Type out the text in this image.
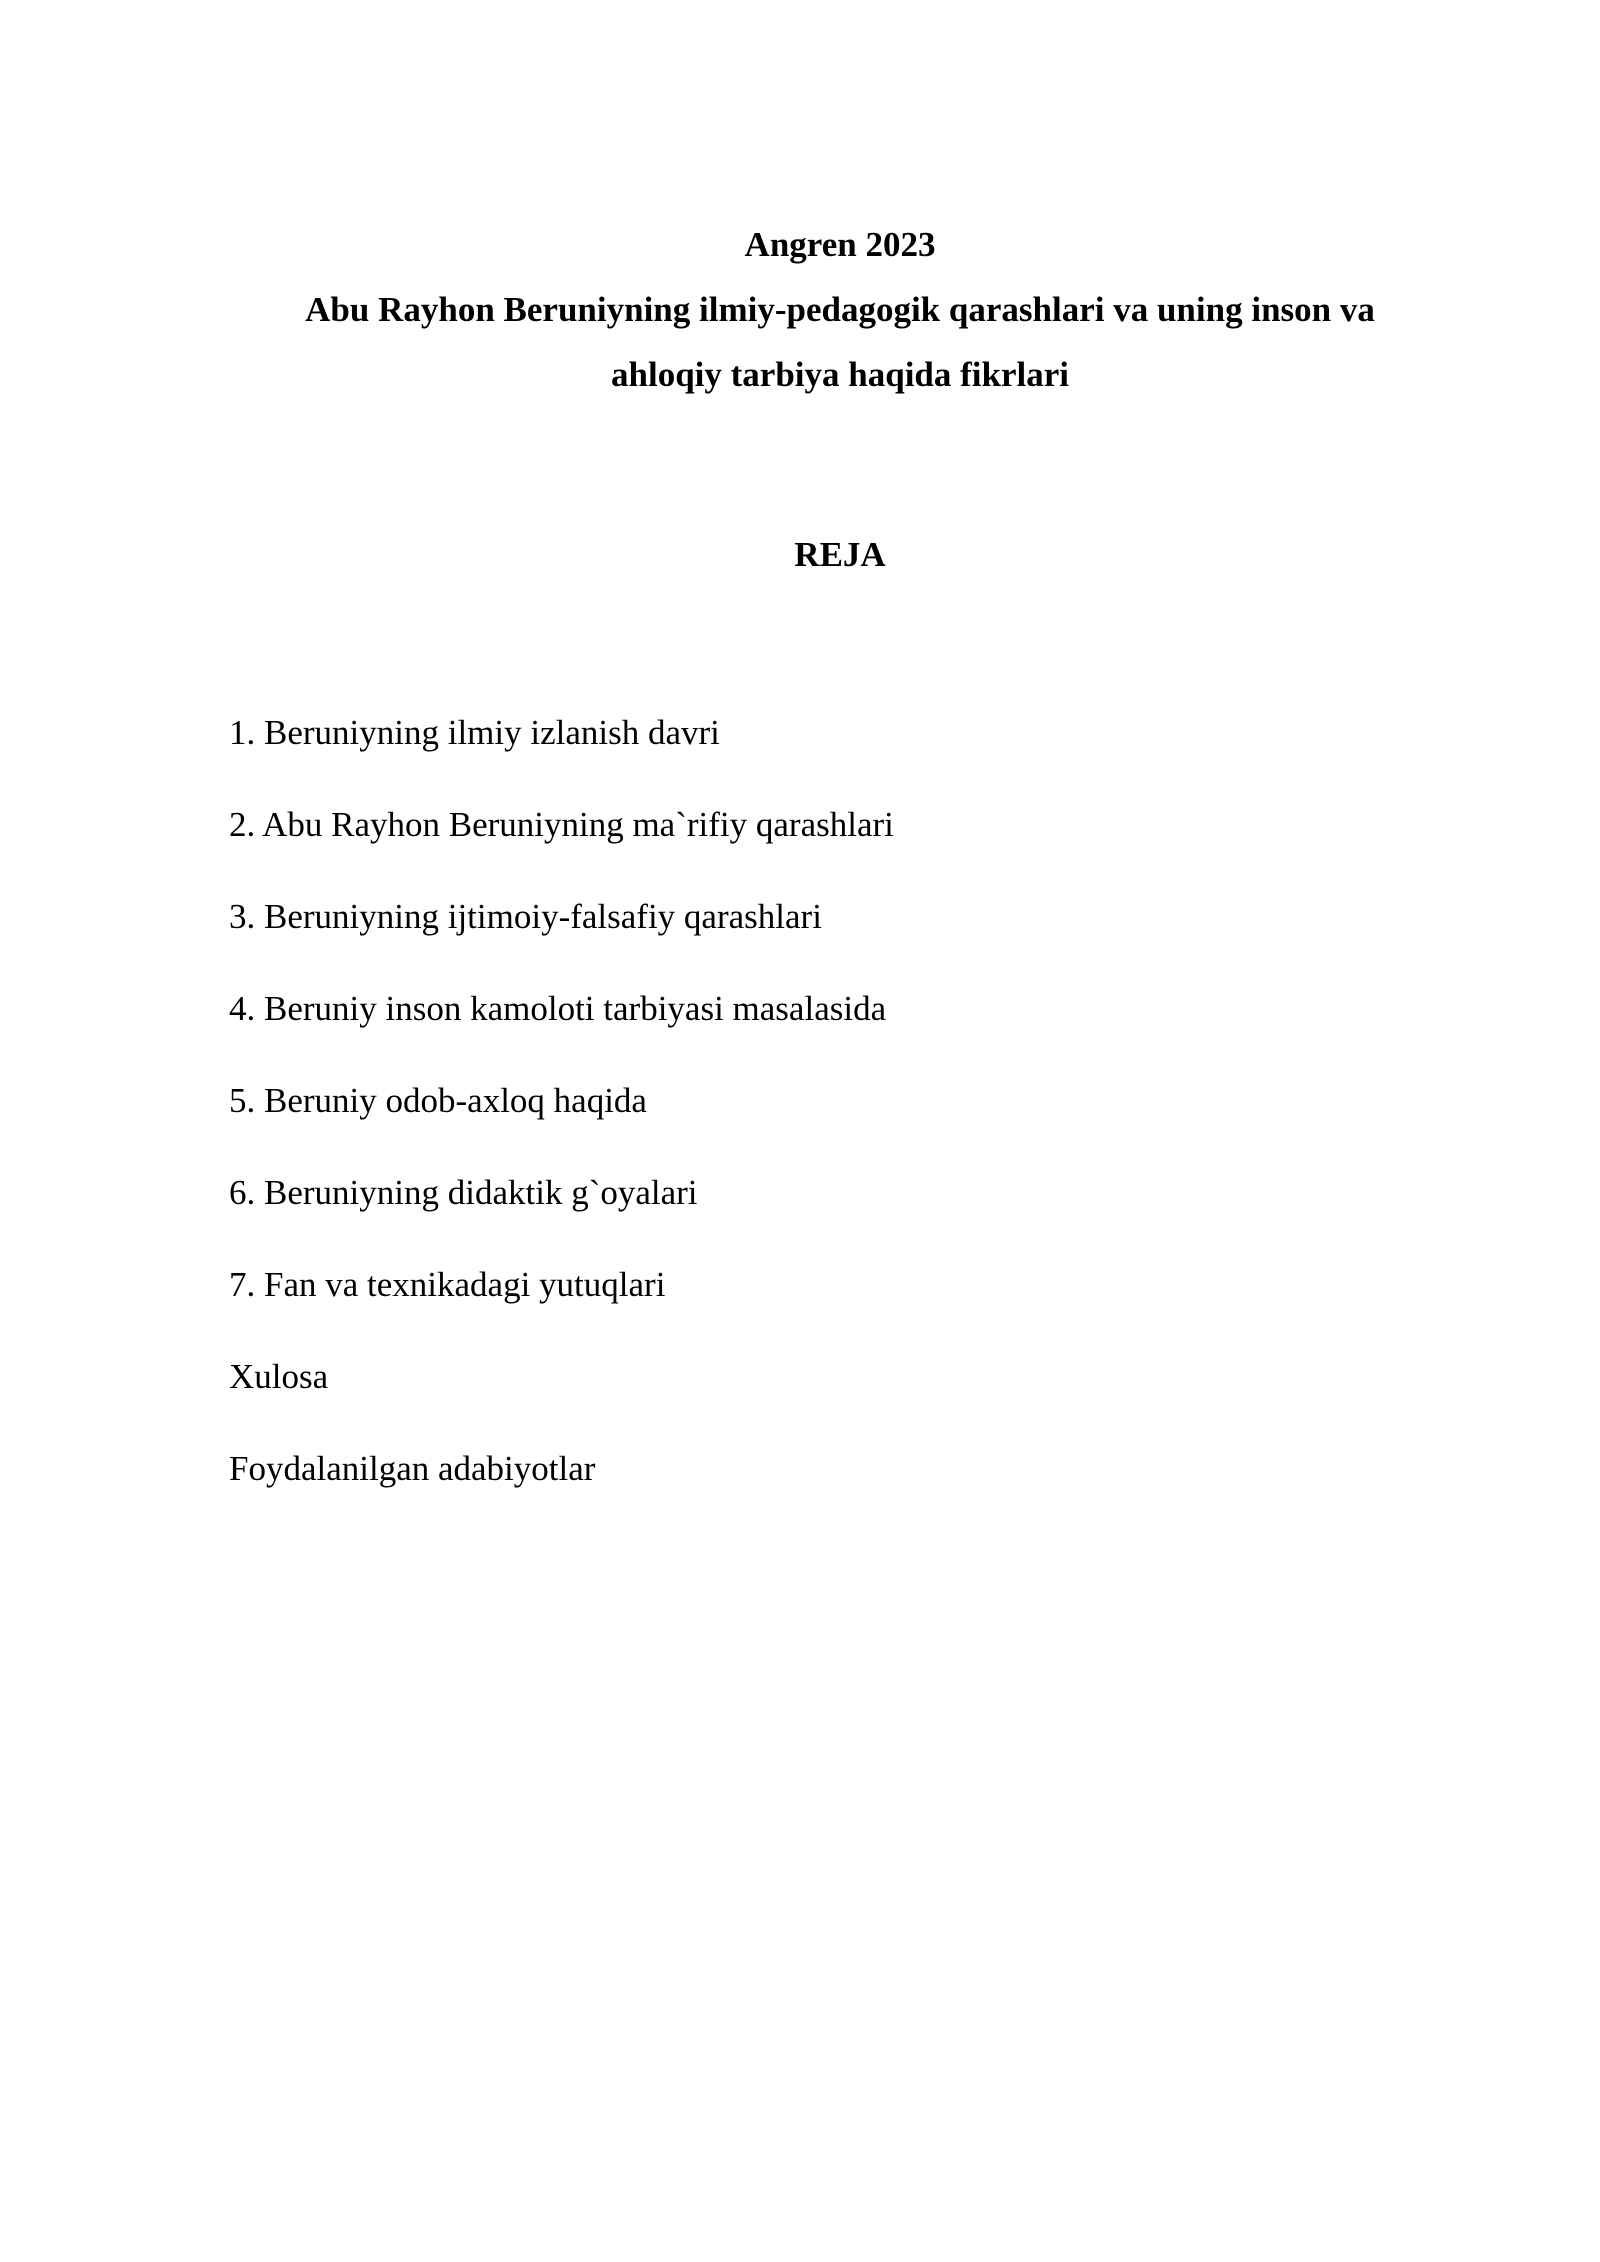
Angren 2023

Abu Rayhon Beruniyning ilmiy-pedagogik qarashlari va uning inson va

ahloqiy tarbiya haqida fikrlari

REJA

1. Beruniyning ilmiy izlanish davri
2. Abu Rayhon Beruniyning ma`rifiy qarashlari
3. Beruniyning ijtimoiy-falsafiy qarashlari
4. Beruniy inson kamoloti tarbiyasi masalasida
5. Beruniy odob-axloq haqida
6. Beruniyning didaktik g`oyalari
7. Fan va texnikadagi yutuqlari
Xulosa
Foydalanilgan adabiyotlar
